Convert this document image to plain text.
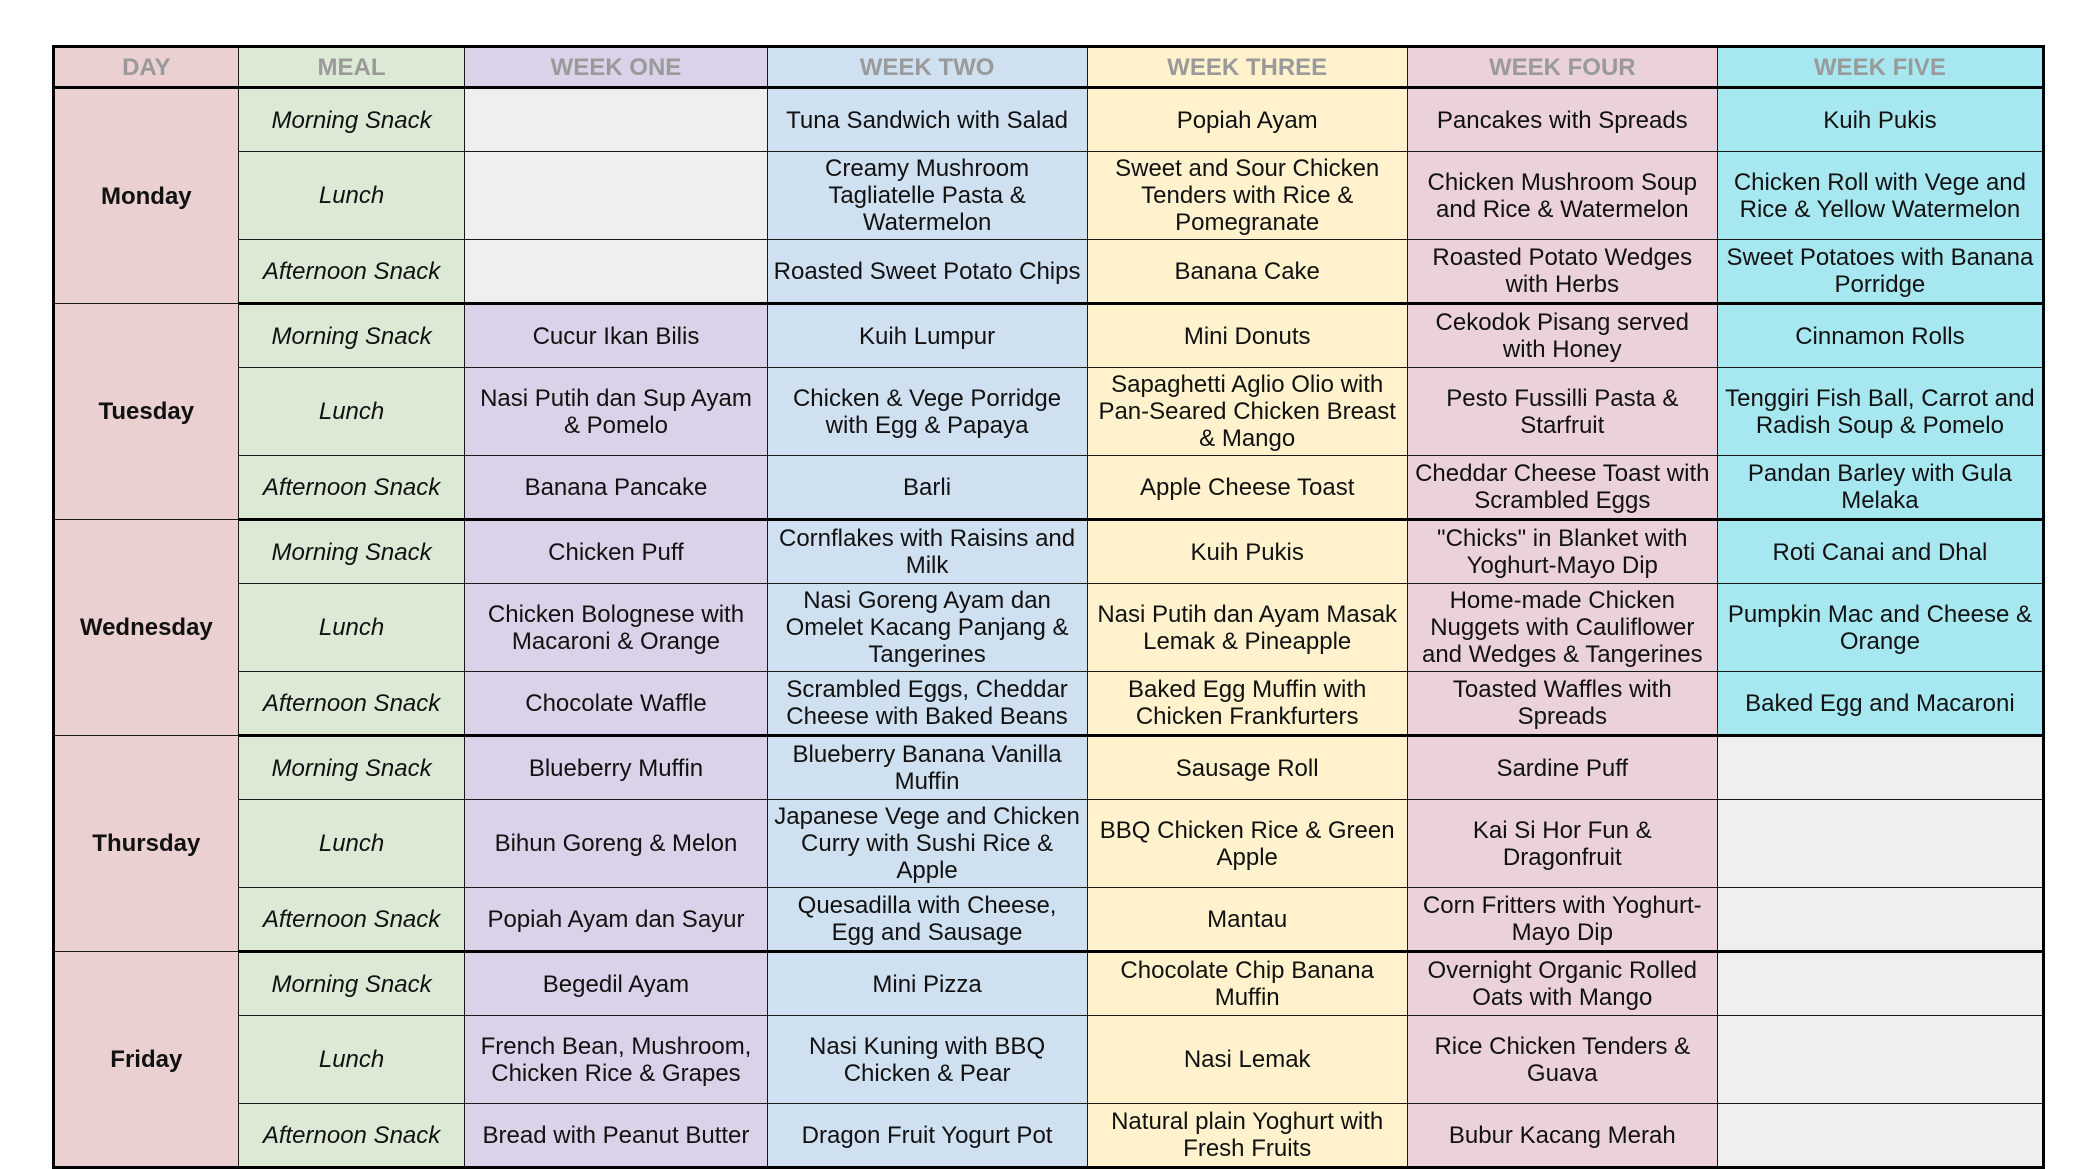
DAY	MEAL	WEEK ONE	WEEK TWO	WEEK THREE	WEEK FOUR	WEEK FIVE
Monday	Morning Snack		Tuna Sandwich with Salad	Popiah Ayam	Pancakes with Spreads	Kuih Pukis
	Lunch		Creamy Mushroom Tagliatelle Pasta & Watermelon	Sweet and Sour Chicken Tenders with Rice & Pomegranate	Chicken Mushroom Soup and Rice & Watermelon	Chicken Roll with Vege and Rice & Yellow Watermelon
	Afternoon Snack		Roasted Sweet Potato Chips	Banana Cake	Roasted Potato Wedges with Herbs	Sweet Potatoes with Banana Porridge
Tuesday	Morning Snack	Cucur Ikan Bilis	Kuih Lumpur	Mini Donuts	Cekodok Pisang served with Honey	Cinnamon Rolls
	Lunch	Nasi Putih dan Sup Ayam & Pomelo	Chicken & Vege Porridge with Egg & Papaya	Sapaghetti Aglio Olio with Pan-Seared Chicken Breast & Mango	Pesto Fussilli Pasta & Starfruit	Tenggiri Fish Ball, Carrot and Radish Soup & Pomelo
	Afternoon Snack	Banana Pancake	Barli	Apple Cheese Toast	Cheddar Cheese Toast with Scrambled Eggs	Pandan Barley with Gula Melaka
Wednesday	Morning Snack	Chicken Puff	Cornflakes with Raisins and Milk	Kuih Pukis	"Chicks" in Blanket with Yoghurt-Mayo Dip	Roti Canai and Dhal
	Lunch	Chicken Bolognese with Macaroni & Orange	Nasi Goreng Ayam dan Omelet Kacang Panjang & Tangerines	Nasi Putih dan Ayam Masak Lemak & Pineapple	Home-made Chicken Nuggets with Cauliflower and Wedges & Tangerines	Pumpkin Mac and Cheese & Orange
	Afternoon Snack	Chocolate Waffle	Scrambled Eggs, Cheddar Cheese with Baked Beans	Baked Egg Muffin with Chicken Frankfurters	Toasted Waffles with Spreads	Baked Egg and Macaroni
Thursday	Morning Snack	Blueberry Muffin	Blueberry Banana Vanilla Muffin	Sausage Roll	Sardine Puff	
	Lunch	Bihun Goreng & Melon	Japanese Vege and Chicken Curry with Sushi Rice & Apple	BBQ Chicken Rice & Green Apple	Kai Si Hor Fun & Dragonfruit	
	Afternoon Snack	Popiah Ayam dan Sayur	Quesadilla with Cheese, Egg and Sausage	Mantau	Corn Fritters with Yoghurt-Mayo Dip	
Friday	Morning Snack	Begedil Ayam	Mini Pizza	Chocolate Chip Banana Muffin	Overnight Organic Rolled Oats with Mango	
	Lunch	French Bean, Mushroom, Chicken Rice & Grapes	Nasi Kuning with BBQ Chicken & Pear	Nasi Lemak	Rice Chicken Tenders & Guava	
	Afternoon Snack	Bread with Peanut Butter	Dragon Fruit Yogurt Pot	Natural plain Yoghurt with Fresh Fruits	Bubur Kacang Merah	
